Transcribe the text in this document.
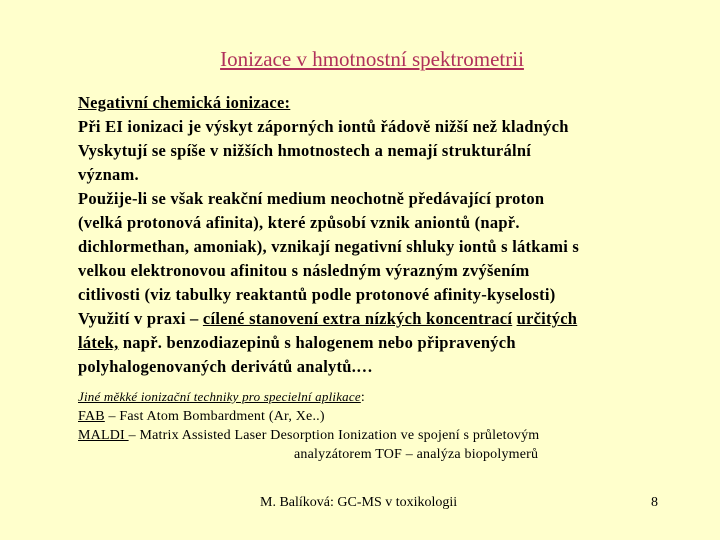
Ionizace v hmotnostní spektrometrii
Negativní chemická ionizace:
Při EI ionizaci je výskyt záporných iontů řádově nižší než kladných
Vyskytují se spíše v nižších hmotnostech a nemají strukturální
význam.
Použije-li se však reakční medium neochotně předávající proton
(velká protonová afinita), které způsobí vznik aniontů (např.
dichlormethan, amoniak), vznikají negativní shluky iontů s látkami s
velkou elektronovou afinitou s následným výrazným zvýšením
citlivosti (viz tabulky reaktantů podle protonové afinity-kyselosti)
Využití v praxi – cílené stanovení extra nízkých koncentrací určitých
látek, např. benzodiazepinů s halogenem nebo připravených
polyhalogenovaných derivátů analytů.…
Jiné měkké ionizační techniky pro specielní aplikace:
FAB – Fast Atom Bombardment (Ar, Xe..)
MALDI – Matrix Assisted Laser Desorption Ionization ve spojení s průletovým
analyzátorem TOF – analýza biopolymerů
M. Balíková: GC-MS v toxikologii	8
